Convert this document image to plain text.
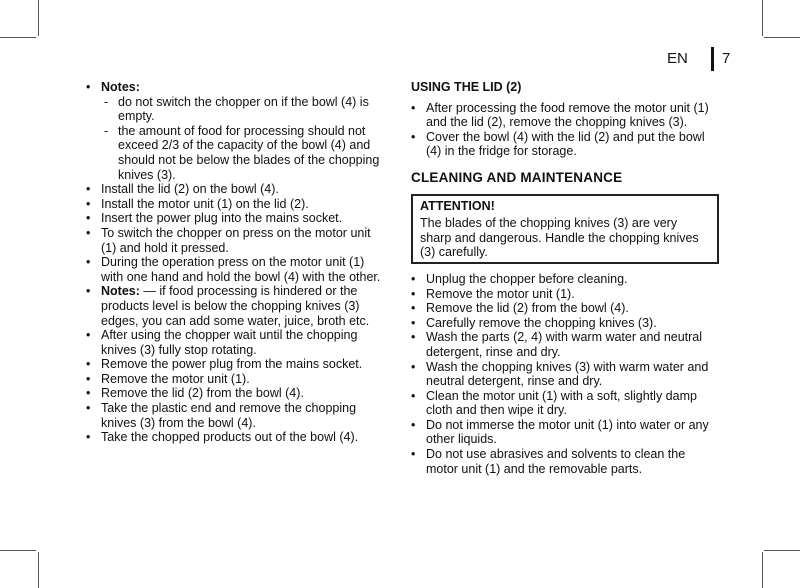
EN 7
• Notes:
- do not switch the chopper on if the bowl (4) is empty.
- the amount of food for processing should not exceed 2/3 of the capacity of the bowl (4) and should not be below the blades of the chopping knives (3).
• Install the lid (2) on the bowl (4).
• Install the motor unit (1) on the lid (2).
• Insert the power plug into the mains socket.
• To switch the chopper on press on the motor unit (1) and hold it pressed.
• During the operation press on the motor unit (1) with one hand and hold the bowl (4) with the other.
• Notes: — if food processing is hindered or the products level is below the chopping knives (3) edges, you can add some water, juice, broth etc.
• After using the chopper wait until the chopping knives (3) fully stop rotating.
• Remove the power plug from the mains socket.
• Remove the motor unit (1).
• Remove the lid (2) from the bowl (4).
• Take the plastic end and remove the chopping knives (3) from the bowl (4).
• Take the chopped products out of the bowl (4).
USING THE LID (2)
• After processing the food remove the motor unit (1) and the lid (2), remove the chopping knives (3).
• Cover the bowl (4) with the lid (2) and put the bowl (4) in the fridge for storage.
CLEANING AND MAINTENANCE
ATTENTION!
The blades of the chopping knives (3) are very sharp and dangerous. Handle the chopping knives (3) carefully.
• Unplug the chopper before cleaning.
• Remove the motor unit (1).
• Remove the lid (2) from the bowl (4).
• Carefully remove the chopping knives (3).
• Wash the parts (2, 4) with warm water and neutral detergent, rinse and dry.
• Wash the chopping knives (3) with warm water and neutral detergent, rinse and dry.
• Clean the motor unit (1) with a soft, slightly damp cloth and then wipe it dry.
• Do not immerse the motor unit (1) into water or any other liquids.
• Do not use abrasives and solvents to clean the motor unit (1) and the removable parts.
